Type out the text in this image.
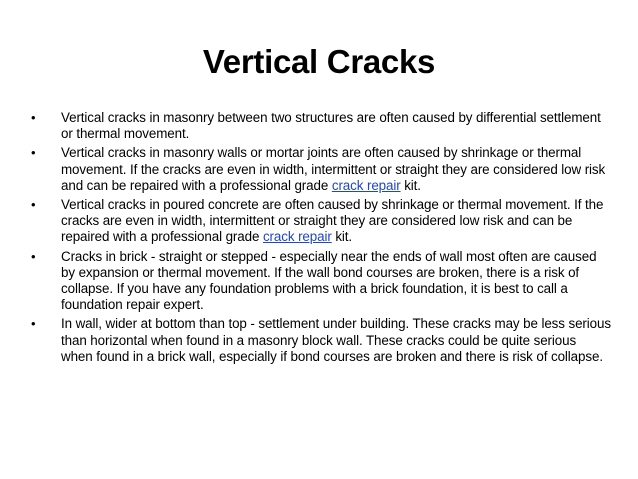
Vertical Cracks
•	Vertical cracks in masonry between two structures are often caused by differential settlement or thermal movement.
•	Vertical cracks in masonry walls or mortar joints are often caused by shrinkage or thermal movement. If the cracks are even in width, intermittent or straight they are considered low risk and can be repaired with a professional grade crack repair kit.
•	Vertical cracks in poured concrete are often caused by shrinkage or thermal movement. If the cracks are even in width, intermittent or straight they are considered low risk and can be repaired with a professional grade crack repair kit.
•	Cracks in brick - straight or stepped - especially near the ends of wall most often are caused by expansion or thermal movement. If the wall bond courses are broken, there is a risk of collapse. If you have any foundation problems with a brick foundation, it is best to call a foundation repair expert.
•	In wall, wider at bottom than top - settlement under building. These cracks may be less serious than horizontal when found in a masonry block wall. These cracks could be quite serious when found in a brick wall, especially if bond courses are broken and there is risk of collapse.
